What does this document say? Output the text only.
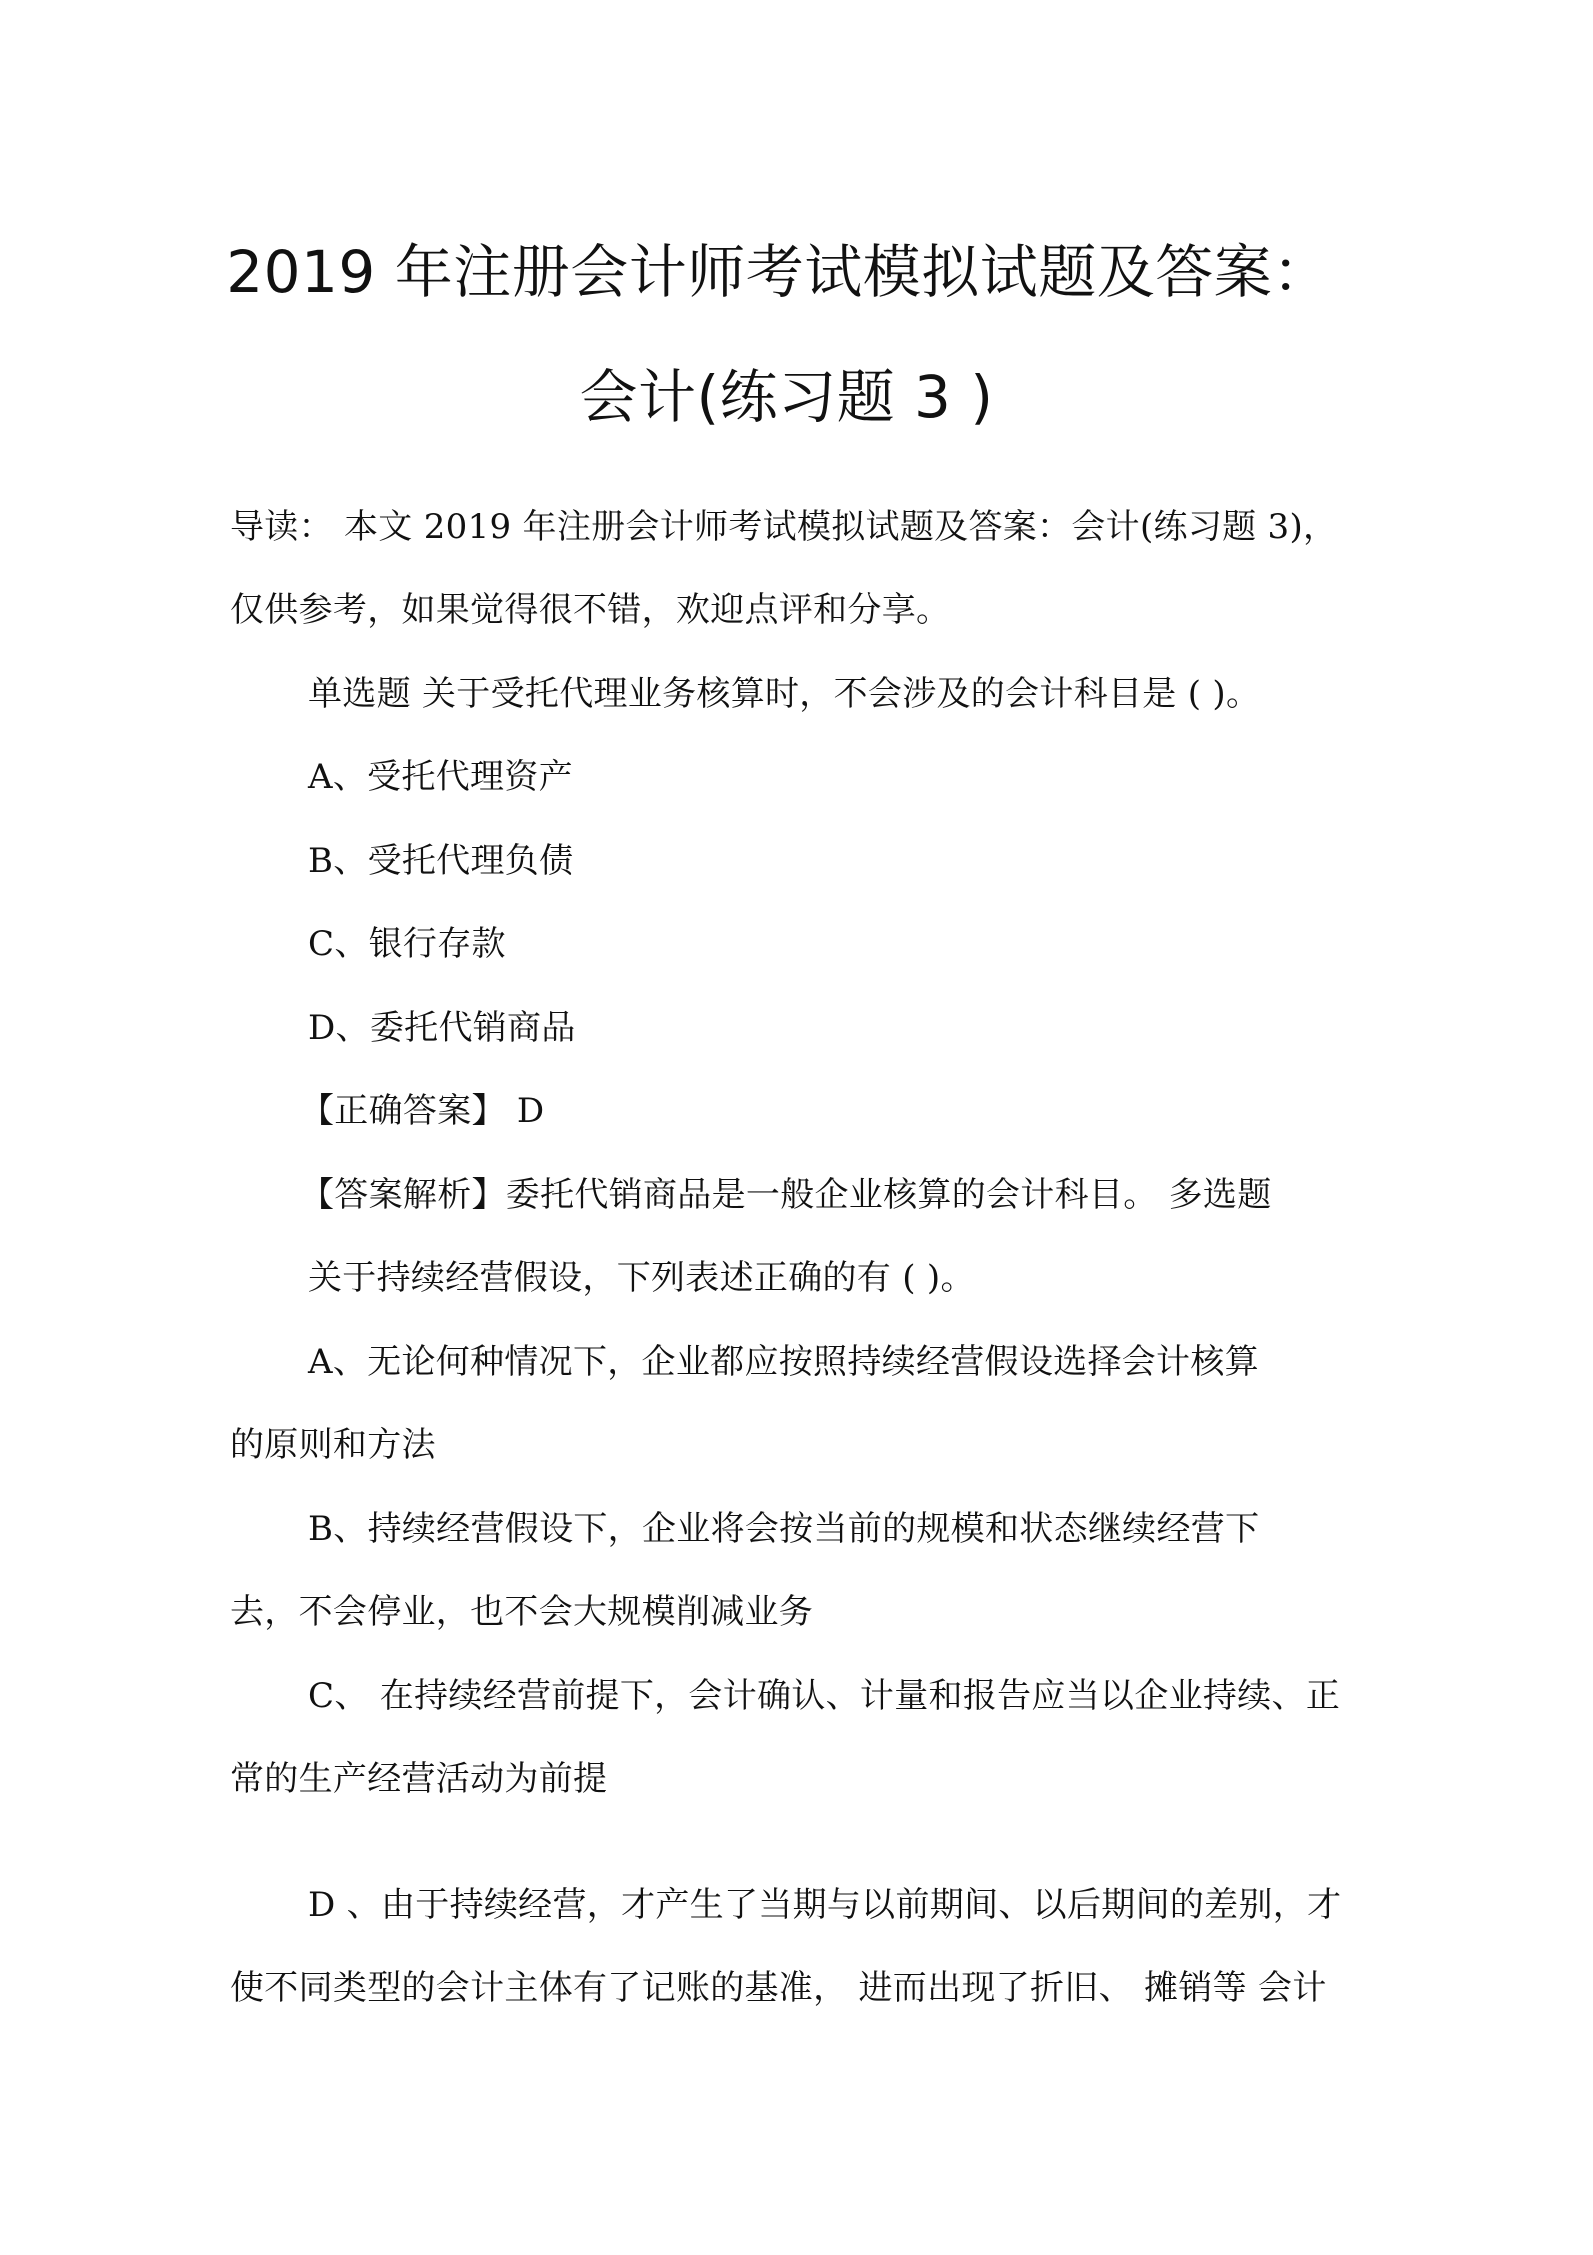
2019 年注册会计师考试模拟试题及答案：
会计(练习题 3 )
导读： 本文 2019 年注册会计师考试模拟试题及答案：会计(练习题 3)，
仅供参考，如果觉得很不错，欢迎点评和分享。
单选题 关于受托代理业务核算时，不会涉及的会计科目是 ( )。
A、受托代理资产
B、受托代理负债
C、银行存款
D、委托代销商品
【正确答案】 D
【答案解析】委托代销商品是一般企业核算的会计科目。 多选题
关于持续经营假设，下列表述正确的有 ( )。
A、无论何种情况下，企业都应按照持续经营假设选择会计核算
的原则和方法
B、持续经营假设下，企业将会按当前的规模和状态继续经营下
去，不会停业，也不会大规模削减业务
C、 在持续经营前提下，会计确认、计量和报告应当以企业持续、正
常的生产经营活动为前提
D 、由于持续经营，才产生了当期与以前期间、以后期间的差别，才
使不同类型的会计主体有了记账的基准， 进而出现了折旧、 摊销等 会计
